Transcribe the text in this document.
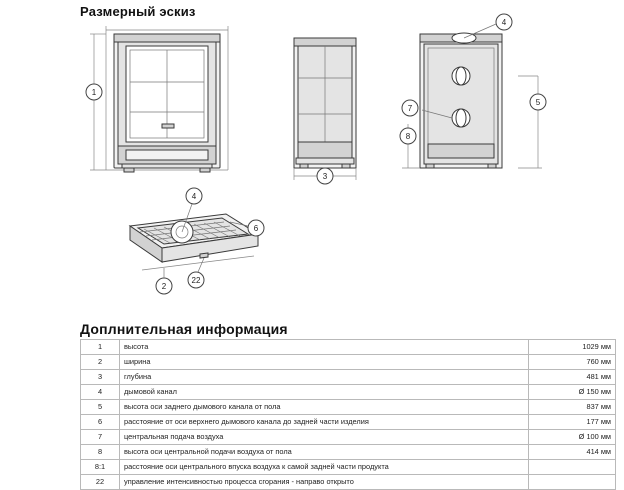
Размерный эскиз
1
3
4
7
5
8
4
6
2
22
Доплнительная информация
1	высота	1029 мм
2	ширина	760 мм
3	глубина	481 мм
4	дымовой канал	Ø 150 мм
5	высота оси заднего дымового канала от пола	837 мм
6	расстояние от оси верхнего дымового канала до задней части изделия	177 мм
7	центральная подача воздуха	Ø 100 мм
8	высота оси центральной подачи воздуха от пола	414 мм
8:1	расстояние оси центрального впуска воздуха к самой задней части продукта	
22	управление интенсивностью процесса сгорания - направо открыто	
